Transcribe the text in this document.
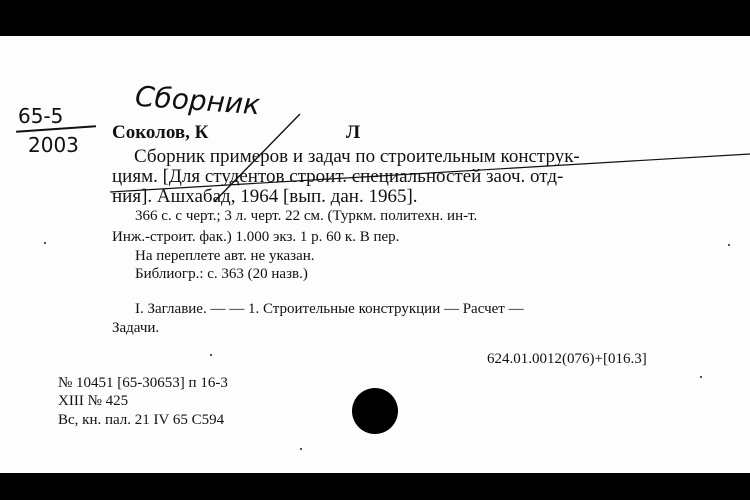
65-5
2003
Сборник
Соколов, К	Л
Сборник примеров и задач по строительным конструк-
циям. [Для студентов строит. специальностей заоч. отд-
ния]. Ашхабад, 1964 [вып. дан. 1965].
366 с. с черт.; 3 л. черт. 22 см. (Туркм. политехн. ин-т.
Инж.-строит. фак.) 1.000 экз. 1 р. 60 к. В пер.
На переплете авт. не указан.
Библиогр.: с. 363 (20 назв.)
I. Заглавие. — — 1. Строительные конструкции — Расчет —
Задачи.
624.01.0012(076)+[016.3]
№ 10451 [65-30653] п 16-3
XIII № 425
Вс, кн. пал. 21 IV 65 С594
